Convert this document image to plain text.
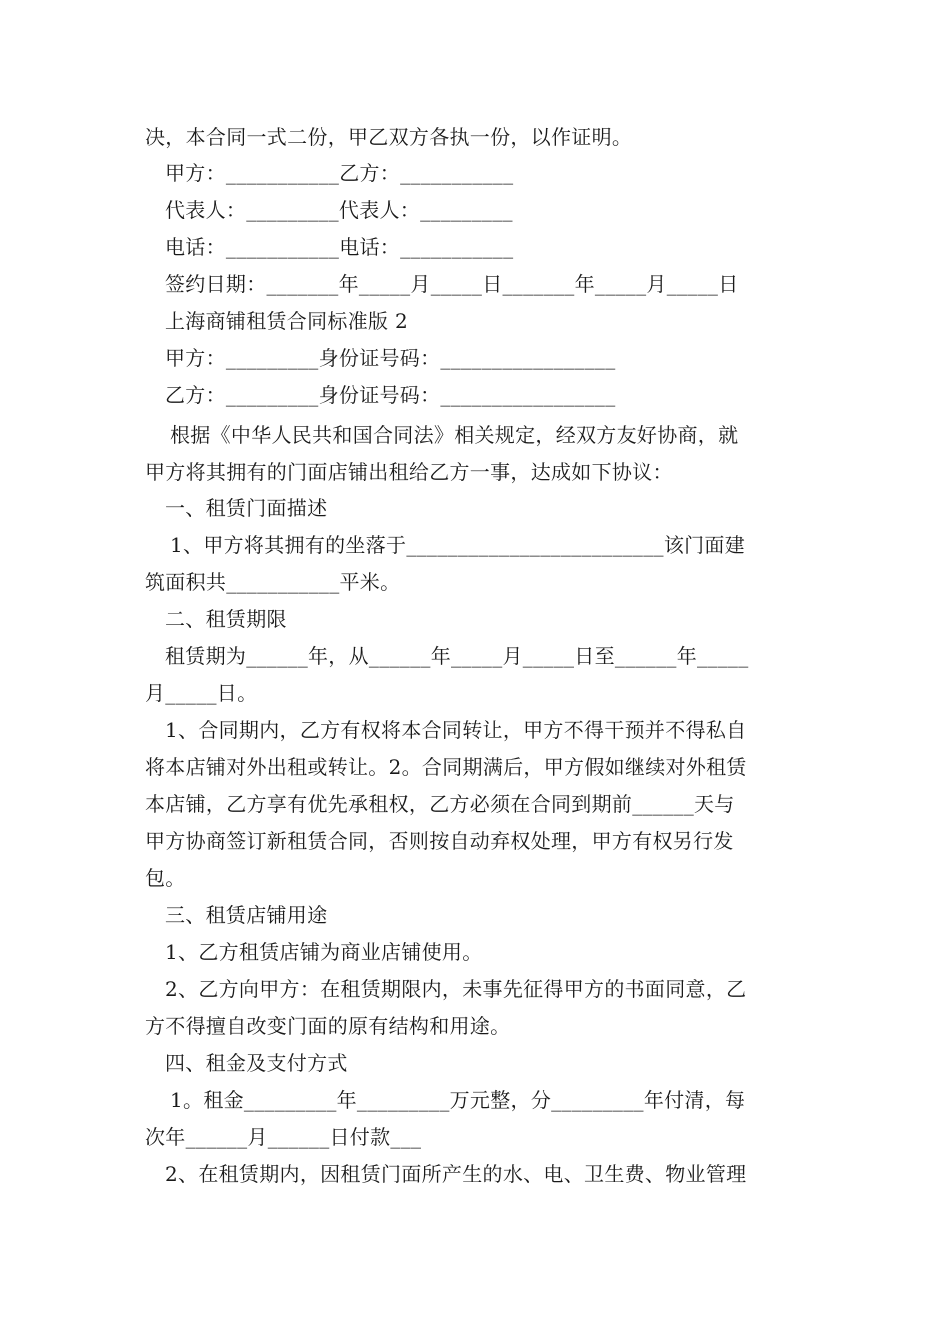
决，本合同一式二份，甲乙双方各执一份，以作证明。
甲方：___________乙方：___________
代表人：_________代表人：_________
电话：___________电话：___________
签约日期：_______年_____月_____日_______年_____月_____日
上海商铺租赁合同标准版 2
甲方：_________身份证号码：_________________
乙方：_________身份证号码：_________________
根据《中华人民共和国合同法》相关规定，经双方友好协商，就
甲方将其拥有的门面店铺出租给乙方一事，达成如下协议：
一、租赁门面描述
1、甲方将其拥有的坐落于_________________________该门面建
筑面积共___________平米。
二、租赁期限
租赁期为______年，从______年_____月_____日至______年_____
月_____日。
1、合同期内，乙方有权将本合同转让，甲方不得干预并不得私自
将本店铺对外出租或转让。2。合同期满后，甲方假如继续对外租赁
本店铺，乙方享有优先承租权，乙方必须在合同到期前______天与
甲方协商签订新租赁合同，否则按自动弃权处理，甲方有权另行发
包。
三、租赁店铺用途
1、乙方租赁店铺为商业店铺使用。
2、乙方向甲方：在租赁期限内，未事先征得甲方的书面同意，乙
方不得擅自改变门面的原有结构和用途。
四、租金及支付方式
1。租金_________年_________万元整，分_________年付清，每
次年______月______日付款___
2、在租赁期内，因租赁门面所产生的水、电、卫生费、物业管理
